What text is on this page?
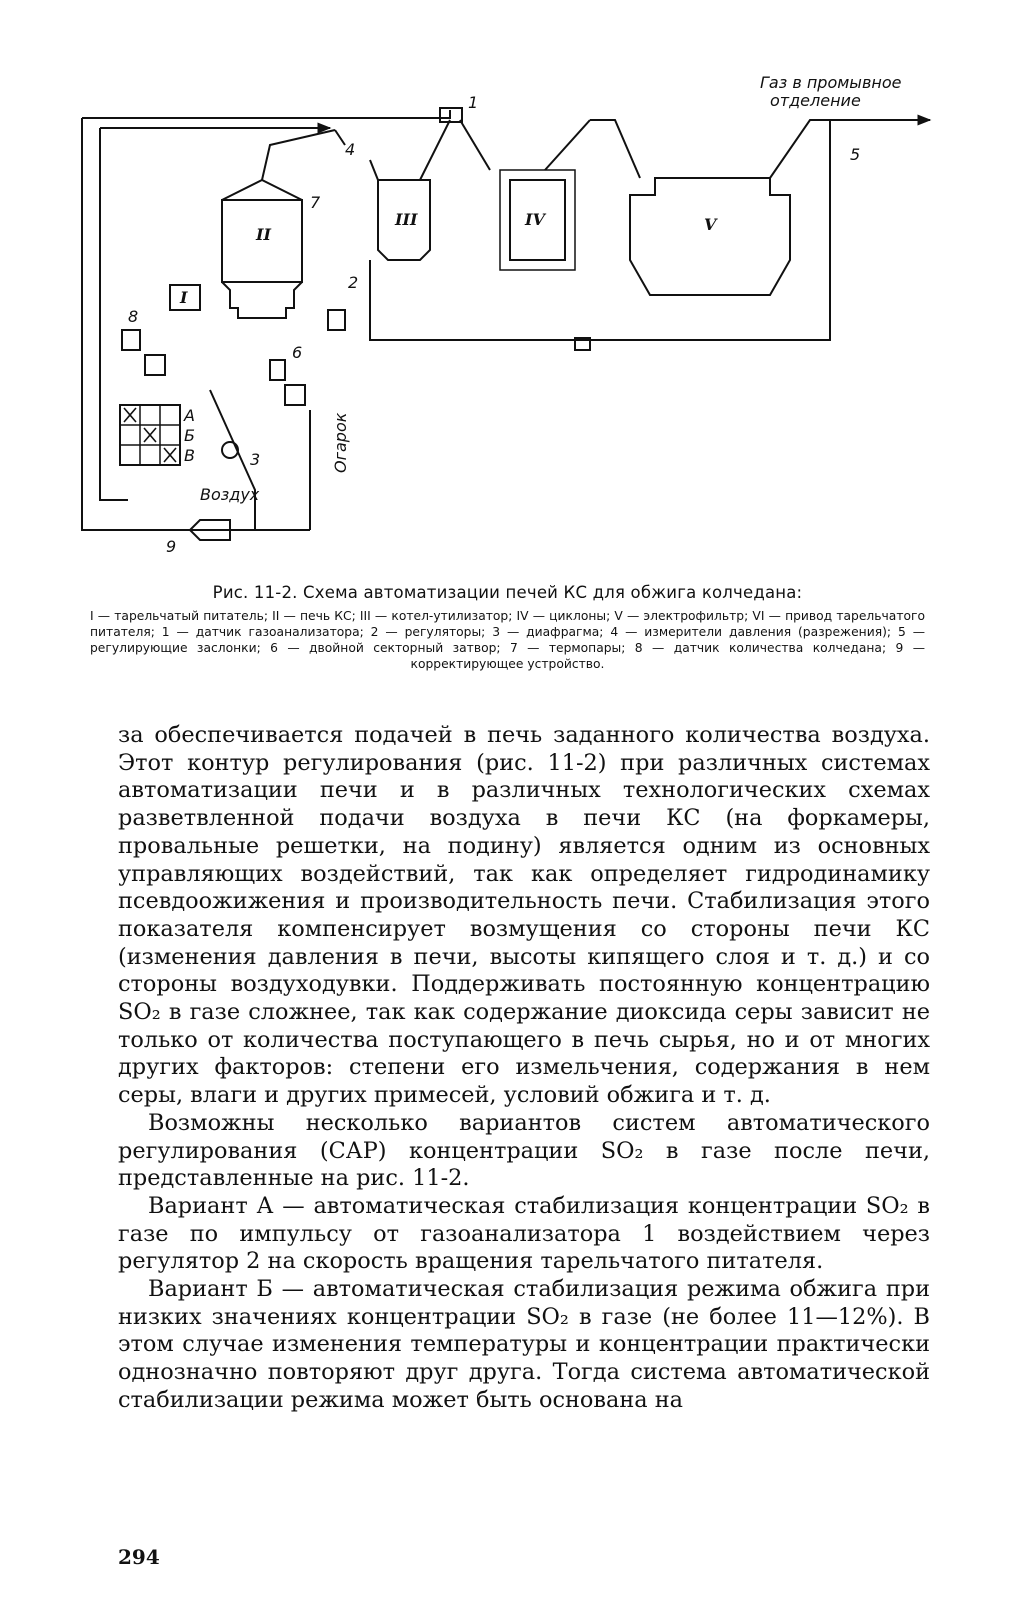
II
III	IV	V
I
1
2
3
4	5
6
7
8
9
А
Б
В
Воздух
Огарок
Газ в промывное
отделение
Рис. 11-2. Схема автоматизации печей КС для обжига колчедана:
I — тарельчатый питатель; II — печь КС; III — котел-утилизатор; IV — циклоны; V — электрофильтр; VI — привод тарельчатого питателя; 1 — датчик газоанализатора; 2 — регуляторы; 3 — диафрагма; 4 — измерители давления (разрежения); 5 — регулирующие заслонки; 6 — двойной секторный затвор; 7 — термопары; 8 — датчик количества колчедана; 9 — корректирующее устройство.

за обеспечивается подачей в печь заданного количества воздуха. Этот контур регулирования (рис. 11-2) при различных системах автоматизации печи и в различных технологических схемах разветвленной подачи воздуха в печи КС (на форкамеры, провальные решетки, на подину) является одним из основных управляющих воздействий, так как определяет гидродинамику псевдоожижения и производительность печи. Стабилизация этого показателя компенсирует возмущения со стороны печи КС (изменения давления в печи, высоты кипящего слоя и т. д.) и со стороны воздуходувки. Поддерживать постоянную концентрацию SO₂ в газе сложнее, так как содержание диоксида серы зависит не только от количества поступающего в печь сырья, но и от многих других факторов: степени его измельчения, содержания в нем серы, влаги и других примесей, условий обжига и т. д.

Возможны несколько вариантов систем автоматического регулирования (САР) концентрации SO₂ в газе после печи, представленные на рис. 11-2.

Вариант А — автоматическая стабилизация концентрации SO₂ в газе по импульсу от газоанализатора 1 воздействием через регулятор 2 на скорость вращения тарельчатого питателя.

Вариант Б — автоматическая стабилизация режима обжига при низких значениях концентрации SO₂ в газе (не более 11—12%). В этом случае изменения температуры и концентрации практически однозначно повторяют друг друга. Тогда система автоматической стабилизации режима может быть основана на

294
